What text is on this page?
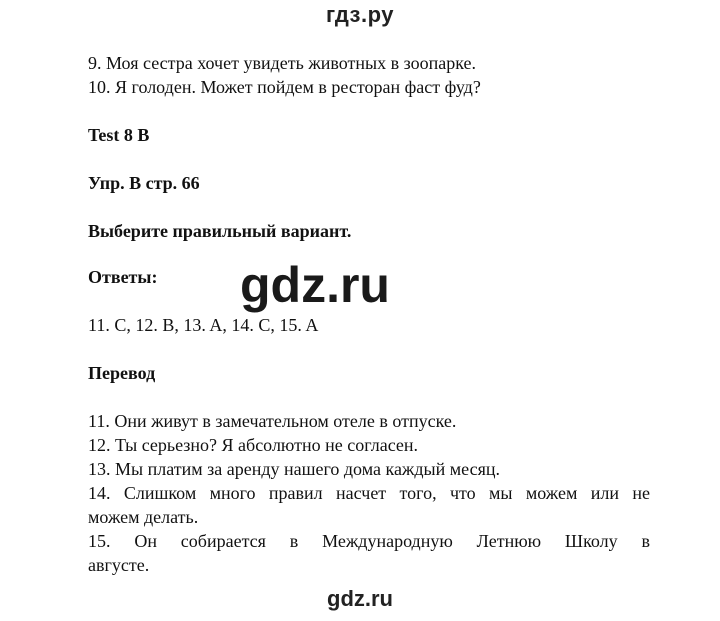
гдз.ру
9. Моя сестра хочет увидеть животных в зоопарке.
10. Я голоден. Может пойдем в ресторан фаст фуд?
Test 8 B
Упр. B стр. 66
Выберите правильный вариант.
Ответы: gdz.ru
11. C, 12. B, 13. A, 14. C, 15. A
Перевод
11. Они живут в замечательном отеле в отпуске.
12. Ты серьезно? Я абсолютно не согласен.
13. Мы платим за аренду нашего дома каждый месяц.
14. Слишком много правил насчет того, что мы можем или не
можем делать.
15. Он собирается в Международную Летнюю Школу в
августе.
gdz.ru
